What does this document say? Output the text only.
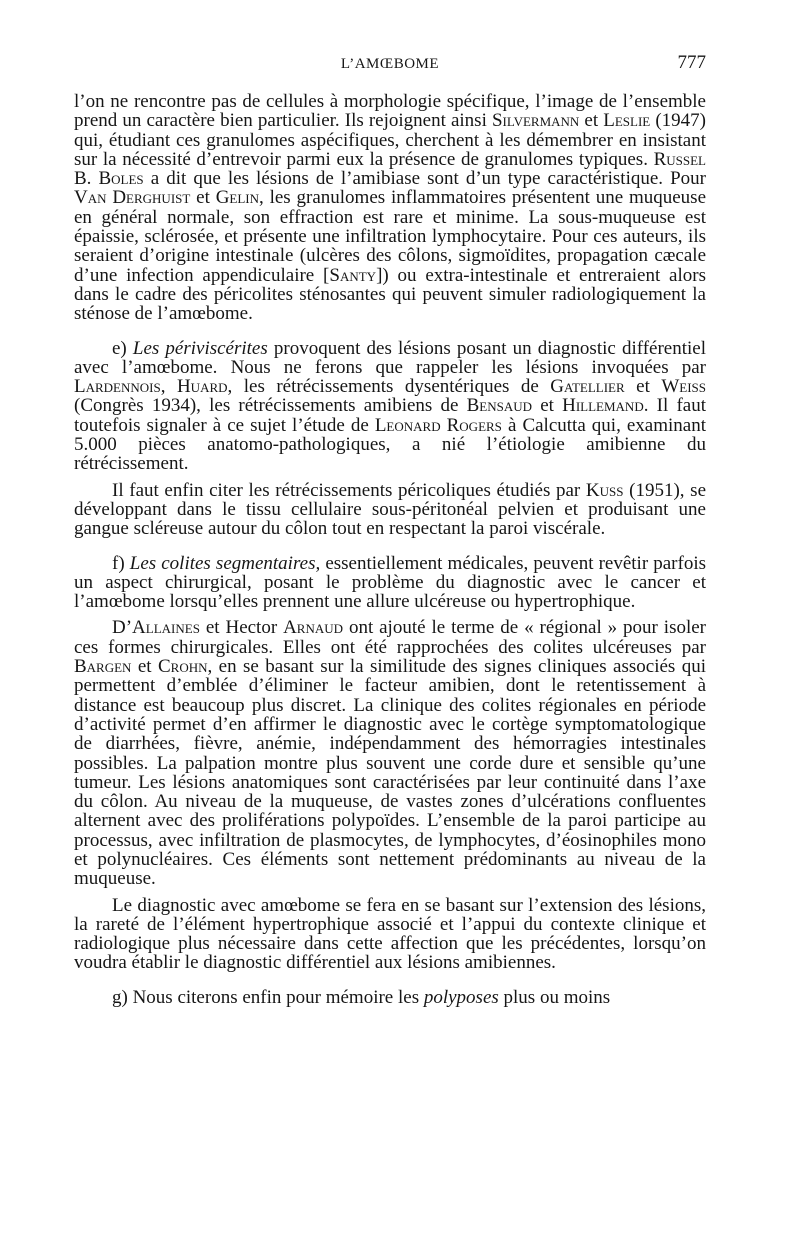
L’AMŒBOME	777

l’on ne rencontre pas de cellules à morphologie spécifique, l’image de l’ensemble prend un caractère bien particulier. Ils rejoignent ainsi Silvermann et Leslie (1947) qui, étudiant ces granulomes aspécifiques, cherchent à les démembrer en insistant sur la nécessité d’entrevoir parmi eux la présence de granulomes typiques. Russel B. Boles a dit que les lésions de l’amibiase sont d’un type caractéristique. Pour Van Derghuist et Gelin, les granulomes inflammatoires présentent une muqueuse en général normale, son effraction est rare et minime. La sous-muqueuse est épaissie, sclérosée, et présente une infiltration lymphocytaire. Pour ces auteurs, ils seraient d’origine intestinale (ulcères des côlons, sigmoïdites, propagation cæcale d’une infection appendiculaire [Santy]) ou extra-intestinale et entreraient alors dans le cadre des péricolites sténosantes qui peuvent simuler radiologiquement la sténose de l’amœbome.

e) Les périviscérites provoquent des lésions posant un diagnostic différentiel avec l’amœbome. Nous ne ferons que rappeler les lésions invoquées par Lardennois, Huard, les rétrécissements dysentériques de Gatellier et Weiss (Congrès 1934), les rétrécissements amibiens de Bensaud et Hillemand. Il faut toutefois signaler à ce sujet l’étude de Leonard Rogers à Calcutta qui, examinant 5.000 pièces anatomo-pathologiques, a nié l’étiologie amibienne du rétrécissement.

Il faut enfin citer les rétrécissements péricoliques étudiés par Kuss (1951), se développant dans le tissu cellulaire sous-péritonéal pelvien et produisant une gangue scléreuse autour du côlon tout en respectant la paroi viscérale.

f) Les colites segmentaires, essentiellement médicales, peuvent revêtir parfois un aspect chirurgical, posant le problème du diagnostic avec le cancer et l’amœbome lorsqu’elles prennent une allure ulcéreuse ou hypertrophique.

D’Allaines et Hector Arnaud ont ajouté le terme de « régional » pour isoler ces formes chirurgicales. Elles ont été rapprochées des colites ulcéreuses par Bargen et Crohn, en se basant sur la similitude des signes cliniques associés qui permettent d’emblée d’éliminer le facteur amibien, dont le retentissement à distance est beaucoup plus discret. La clinique des colites régionales en période d’activité permet d’en affirmer le diagnostic avec le cortège symptomatologique de diarrhées, fièvre, anémie, indépendamment des hémorragies intestinales possibles. La palpation montre plus souvent une corde dure et sensible qu’une tumeur. Les lésions anatomiques sont caractérisées par leur continuité dans l’axe du côlon. Au niveau de la muqueuse, de vastes zones d’ulcérations confluentes alternent avec des proliférations polypoïdes. L’ensemble de la paroi participe au processus, avec infiltration de plasmocytes, de lymphocytes, d’éosinophiles mono et polynucléaires. Ces éléments sont nettement prédominants au niveau de la muqueuse.

Le diagnostic avec amœbome se fera en se basant sur l’extension des lésions, la rareté de l’élément hypertrophique associé et l’appui du contexte clinique et radiologique plus nécessaire dans cette affection que les précédentes, lorsqu’on voudra établir le diagnostic différentiel aux lésions amibiennes.

g) Nous citerons enfin pour mémoire les polyposes plus ou moins
